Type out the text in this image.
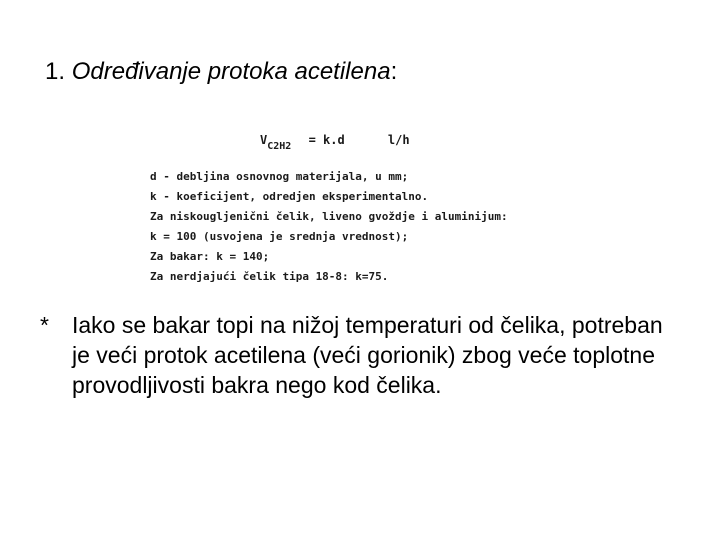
1. Određivanje protoka acetilena:
$V_{C2H2} = k.d$	l/h
d - debljina osnovnog materijala, u mm;
k - koeficijent, odredjen eksperimentalno.
Za niskougljenični čelik, liveno gvoždje i aluminijum:
k = 100 (usvojena je srednja vrednost);
Za bakar: k = 140;
Za nerdjajući čelik tipa 18-8: k=75.
* Iako se bakar topi na nižoj temperaturi od čelika, potreban je veći protok acetilena (veći gorionik) zbog veće toplotne provodljivosti bakra nego kod čelika.
